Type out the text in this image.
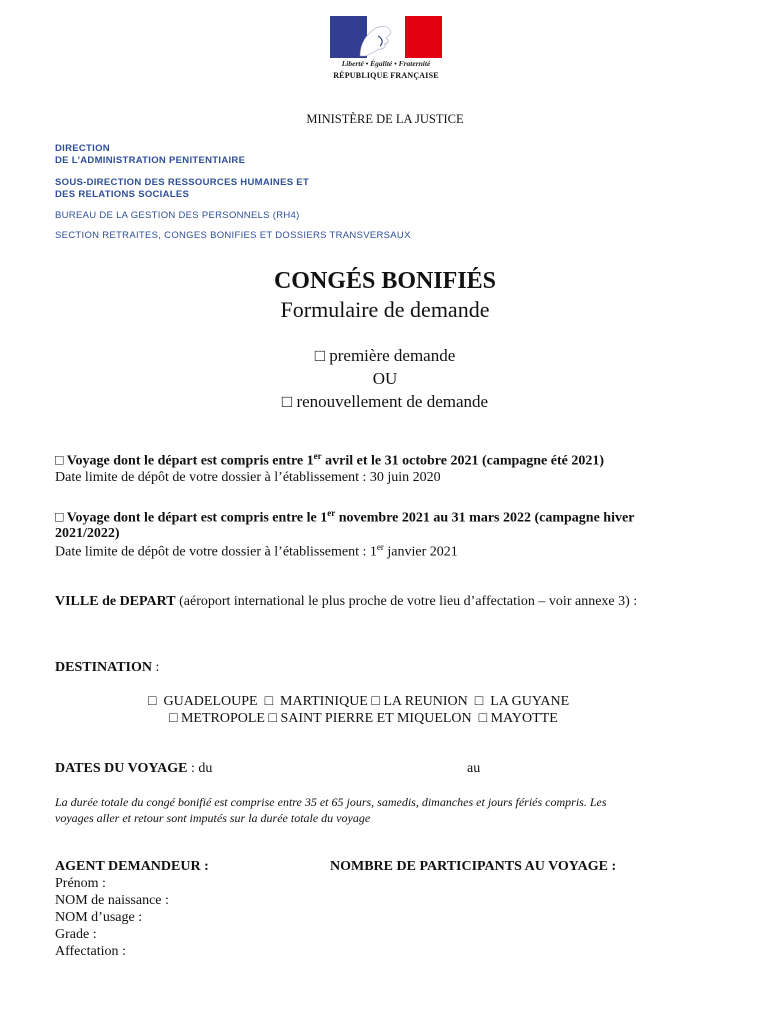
Liberté • Égalité • Fraternité
RÉPUBLIQUE FRANÇAISE
MINISTÈRE DE LA JUSTICE
DIRECTION
DE L’ADMINISTRATION PENITENTIAIRE
SOUS-DIRECTION DES RESSOURCES HUMAINES ET
DES RELATIONS SOCIALES
BUREAU DE LA GESTION DES PERSONNELS (RH4)
SECTION RETRAITES, CONGES BONIFIES ET DOSSIERS TRANSVERSAUX
CONGÉS BONIFIÉS
Formulaire de demande
□ première demande
OU
□ renouvellement de demande
□ Voyage dont le départ est compris entre 1er avril et le 31 octobre 2021 (campagne été 2021)
Date limite de dépôt de votre dossier à l’établissement : 30 juin 2020
□ Voyage dont le départ est compris entre le 1er novembre 2021 au 31 mars 2022 (campagne hiver
2021/2022)
Date limite de dépôt de votre dossier à l’établissement : 1er janvier 2021
VILLE de DEPART (aéroport international le plus proche de votre lieu d’affectation – voir annexe 3) :
DESTINATION :
□ GUADELOUPE □ MARTINIQUE □ LA REUNION □ LA GUYANE
□ METROPOLE □ SAINT PIERRE ET MIQUELON □ MAYOTTE
DATES DU VOYAGE : du	au
La durée totale du congé bonifié est comprise entre 35 et 65 jours, samedis, dimanches et jours fériés compris. Les
voyages aller et retour sont imputés sur la durée totale du voyage
AGENT DEMANDEUR :	NOMBRE DE PARTICIPANTS AU VOYAGE :
Prénom :
NOM de naissance :
NOM d’usage :
Grade :
Affectation :
